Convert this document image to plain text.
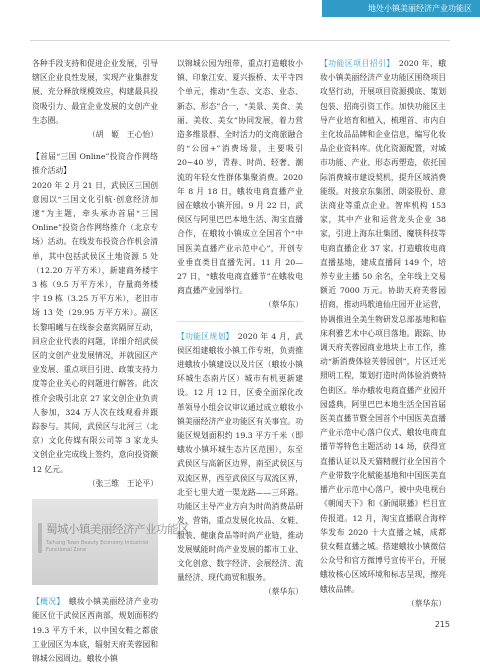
地处小镇美丽经济产业功能区

各种手段支持和促进企业发展，引导辖区企业良性发展，实现产业集群发展、充分释放规模效应，构建最具投资吸引力、最宜企业发展的文创产业生态圈。

（胡　姬　王心怡）

【首届“三国 Online”投资合作网络推介活动】

2020 年 2 月 21 日，武侯区三国创意园以“三国文化引航·创意经济加速”为主题，牵头承办首届“三国 Online”投资合作网络推介（北京专场）活动。在线发布投资合作机会清单，其中包括武侯区土地资源 5 处（12.20 万平方米），新建商务楼宇 3 栋（9.5 万平方米），存量商务楼宇 19 栋（3.25 万平方米），老旧市场 13 处（29.95 万平方米）。副区长黎唱曦与在线参会嘉宾隔屏互动，回应企业代表的问题，详细介绍武侯区的文创产业发展情况，并就园区产业发展、重点项目引进、政策支持力度等企业关心的问题进行解答。此次推介会吸引北京 27 家文创企业负责人参加，324 万人次在线观看并跟踪参与。其间，武侯区与北河三（北京）文化传媒有限公司等 3 家龙头文创企业完成线上签约，意向投资额 12 亿元。

（张三维　王论平）
蜀城小镇美丽经济产业功能区
Taihang Town Beauty Economy Industrial Functional Zone

【概况】　蛾妆小镇美丽经济产业功能区位于武侯区西南部，规划面积约 19.3 平方千米，以中国女鞋之都旅工业园区为本底，辐射天府芙蓉园和锦城公园周边。蛾妆小镇

以锦城公园为纽带，重点打造蛾妆小镇、印象江安、夏兴振桥、太平寺四个单元，推动“生态、文态、业态、新态、形态”合一，“美景、美食、美丽、美妆、美女”协同发展，着力营造多维景群、全时活力的文商旅融合的“公园+”消费场景，主要吸引 20~40 岁，青春、时尚、轻奢、潮流的年轻女性群体集聚消费。2020 年 8 月 18 日，蛾妆电商直播产业园在蛾妆小镇开园。9 月 22 日，武侯区与阿里巴巴本地生活、淘宝直播合作，在蛾妆小镇成立全国首个“中国医美直播产业示范中心”，开创专业垂直类目直播先河。11 月 20—27 日，“蛾妆电商直播节”在蛾妆电商直播产业园举行。

（蔡华东）

【功能区规划】　2020 年 4 月，武侯区组建蛾妆小镇工作专班，负责推进蛾妆小镇建设以及片区（蛾妆小镇环城生态南片区）城市有机更新建设。12 月 12 日，区委全面深化改革领导小组会议审议通过成立蛾妆小镇美丽经济产业功能区有关事宜。功能区规划面积约 19.3 平方千米（即蛾妆小镇环城生态片区范围），东至武侯区与高新区边界，南至武侯区与双流区界，西至武侯区与双流区界，北至七里大道一渠龙路——三环路。功能区主导产业方向为时尚消费品研发、营销，重点发展化妆品、女鞋、服装、健康食品等时尚产业链，推动发展赋能时尚产业发展的都市工业、文化创意、数字经济、会展经济、流量经济、现代商贸和服务。

（蔡华东）

【功能区项目招引】　2020 年，蛾妆小镇美丽经济产业功能区围绕项目攻坚行动，开展项目资源摸底、策划包装、招商引资工作。加快功能区主导产业培育和植入，梳理首、市内自主化妆品品牌和企业信息，编写化妆品企业资料库。优化资源配置，对城市功能、产业、形态再塑造，依托国际消费城市建设契机，提升区域消费能级。对接京东集团、朗姿股份、意法商业等重点企业。智库机构 153 家，其中产业和运营龙头企业 38 家，引进上海东壮集团、魔筷科技等电商直播企业 37 家。打造蛾妆电商直播基地，建成直播间 149 个，培养专业主播 50 余名，全年线上交易额近 7000 万元。协助天府芙蓉园招商，推动玛歌迪仙庄园开业运营，协调推进全美生物研发总部基地和临床利雅艺术中心项目落地。跟踪、协调天府芙蓉园商业地块上市工作，推动“新消费体验芙蓉园创”，片区迁光照明工程，策划打造时尚体验消费特色街区。举办蛾妆电商直播产业园开园盛典，阿里巴巴本地生活全国首届医美直播节暨全国首个中国医美直播产业示范中心落户仪式、蛾妆电商直播节等特色主题活动 14 场，获得宣直播认证以及天猫精靓行业全国首个产业带数字化赋能基地和中国医美直播产业示范中心落户，被中央电视台《朝闻天下》和《新闻联播》栏目宣传报道。12 月，淘宝直播联合海梓华发布 2020 十大直播之城，成都获女鞋直播之城。搭建蛾妆小镇微信公众号和官方微博号宣传平台，开展蛾妆核心区域环境和标志呈现，擦亮蛾妆品牌。

（蔡华东）
215
